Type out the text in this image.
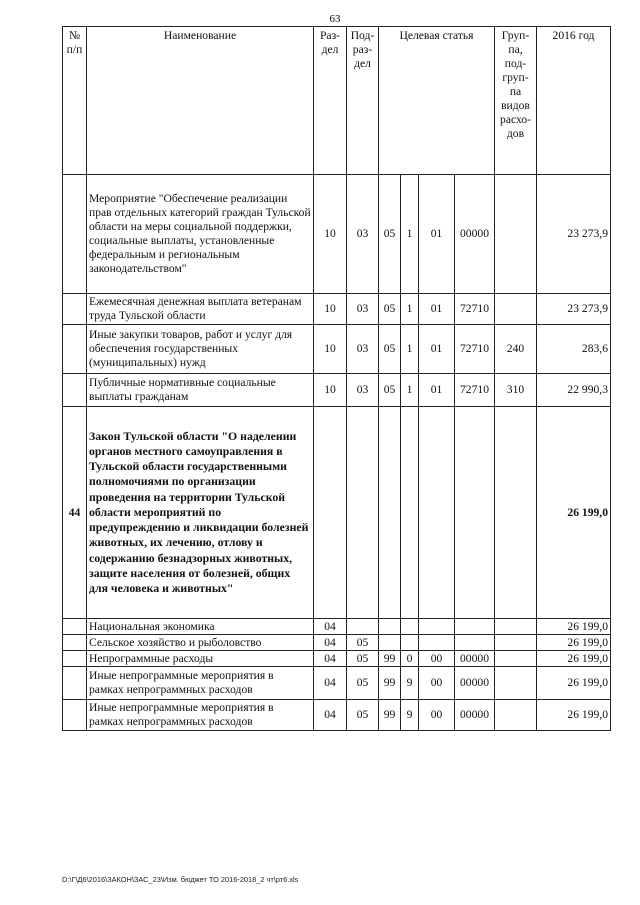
63
№ п/п	Наименование	Раз-дел	Под-раз-дел	Целевая статья				Груп-па, под-груп-па видов расхо-дов	2016 год
	Мероприятие "Обеспечение реализации прав отдельных категорий граждан Тульской области на меры социальной поддержки, социальные выплаты, установленные федеральным и региональным законодательством"	10	03	05	1	01	00000		23 273,9
	Ежемесячная денежная выплата ветеранам труда Тульской области	10	03	05	1	01	72710		23 273,9
	Иные закупки товаров, работ и услуг для обеспечения государственных (муниципальных) нужд	10	03	05	1	01	72710	240	283,6
	Публичные нормативные социальные выплаты гражданам	10	03	05	1	01	72710	310	22 990,3
44	Закон Тульской области "О наделении органов местного самоуправления в Тульской области государственными полномочиями по организации проведения на территории Тульской области мероприятий по предупреждению и ликвидации болезней животных, их лечению, отлову и содержанию безнадзорных животных, защите населения от болезней, общих для человека и животных"								26 199,0
	Национальная экономика	04							26 199,0
	Сельское хозяйство и рыболовство	04	05						26 199,0
	Непрограммные расходы	04	05	99	0	00	00000		26 199,0
	Иные непрограммные мероприятия в рамках непрограммных расходов	04	05	99	9	00	00000		26 199,0
	Иные непрограммные мероприятия в рамках непрограммных расходов	04	05	99	9	00	00000		26 199,0
D:\Г\Д6\2016\ЗАКОН\ЗАС_23\Изм. бюджет ТО 2016-2018_2 чт\рт6.xls
